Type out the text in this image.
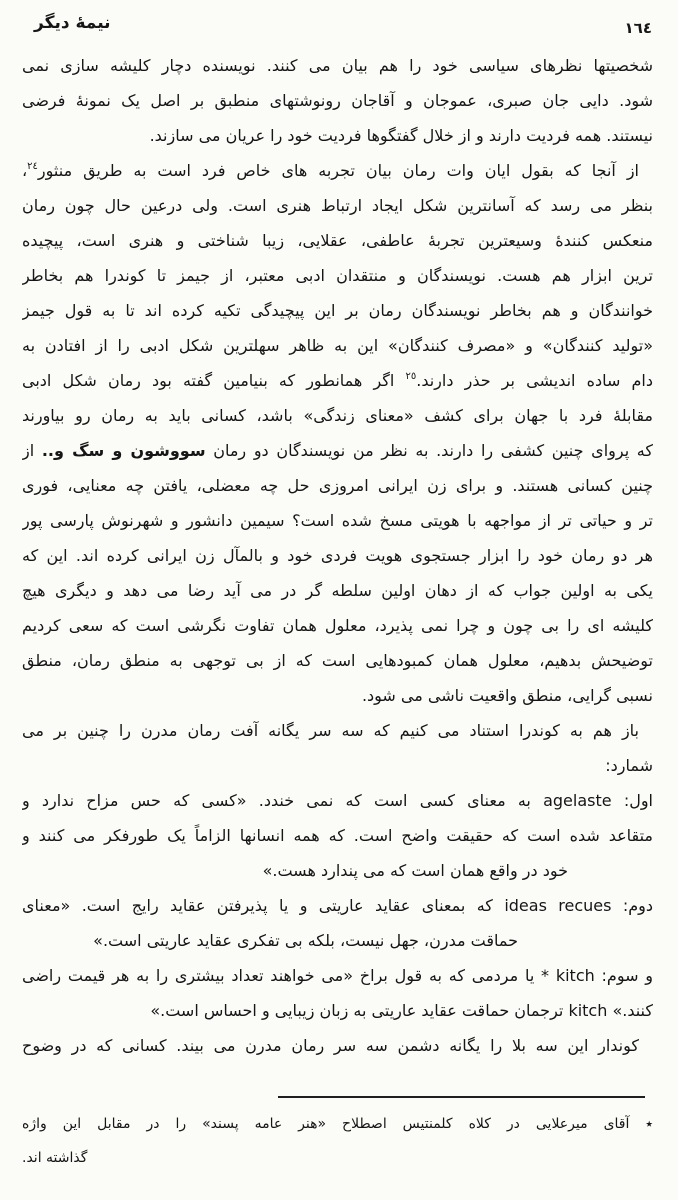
١٦٤
نيمهٔ ديگر
شخصیتها نظرهای سیاسی خود را هم بیان می کنند. نویسنده دچار کلیشه سازی نمی
شود. دایی جان صبری، عموجان و آقاجان رونوشتهای منطبق بر اصل یک نمونهٔ فرضی
نیستند. همه فردیت دارند و از خلال گفتگوها فردیت خود را عریان می سازند.
از آنجا که بقول ایان وات رمان بیان تجربه های خاص فرد است به طریق منثور$^{٢٤}$،
بنظر می رسد که آسانترین شکل ایجاد ارتباط هنری است. ولی درعین حال چون رمان
منعکس کنندهٔ وسیعترین تجربهٔ عاطفی، عقلایی، زیبا شناختی و هنری است، پیچیده
ترین ابزار هم هست. نویسندگان و منتقدان ادبی معتبر، از جیمز تا کوندرا هم بخاطر
خوانندگان و هم بخاطر نویسندگان رمان بر این پیچیدگی تکیه کرده اند تا به قول جیمز
«تولید کنندگان» و «مصرف کنندگان» این به ظاهر سهلترین شکل ادبی را از افتادن به
دام ساده اندیشی بر حذر دارند.$^{٢٥}$ اگر همانطور که بنیامین گفته بود رمان شکل ادبی
مقابلهٔ فرد با جهان برای کشف «معنای زندگی» باشد، کسانی باید به رمان رو بیاورند
که پروای چنین کشفی را دارند. به نظر من نویسندگان دو رمان سووشون و سگ و.. از
چنین کسانی هستند. و برای زن ایرانی امروزی حل چه معضلی، یافتن چه معنایی، فوری
تر و حیاتی تر از مواجهه با هویتی مسخ شده است؟ سیمین دانشور و شهرنوش پارسی پور
هر دو رمان خود را ابزار جستجوی هویت فردی خود و بالمآل زن ایرانی کرده اند. این که
یکی به اولین جواب که از دهان اولین سلطه گر در می آید رضا می دهد و دیگری هیچ
کلیشه ای را بی چون و چرا نمی پذیرد، معلول همان تفاوت نگرشی است که سعی کردیم
توضیحش بدهیم، معلول همان کمبودهایی است که از بی توجهی به منطق رمان، منطق
نسبی گرایی، منطق واقعیت ناشی می شود.
باز هم به کوندرا استناد می کنیم که سه سر یگانه آفت رمان مدرن را چنین بر می
شمارد:
اول: agelaste به معنای کسی است که نمی خندد. «کسی که حس مزاح ندارد و
متقاعد شده است که حقیقت واضح است. که همه انسانها الزاماً یک طورفکر می کنند و
خود در واقع همان است که می پندارد هست.»
دوم: ideas recues که بمعنای عقاید عاریتی و یا پذیرفتن عقاید رایج است. «معنای
حماقت مدرن، جهل نیست، بلکه بی تفکری عقاید عاریتی است.»
و سوم: kitch * یا مردمی که به قول براخ «می خواهند تعداد بیشتری را به هر قیمت راضی
کنند.» kitch ترجمان حماقت عقاید عاریتی به زبان زیبایی و احساس است.»
کوندار این سه بلا را یگانه دشمن سه سر رمان مدرن می بیند. کسانی که در وضوح
٭ آقای میرعلایی در کلاه کلمنتیس اصطلاح «هنر عامه پسند» را در مقابل این واژه
گذاشته اند.
